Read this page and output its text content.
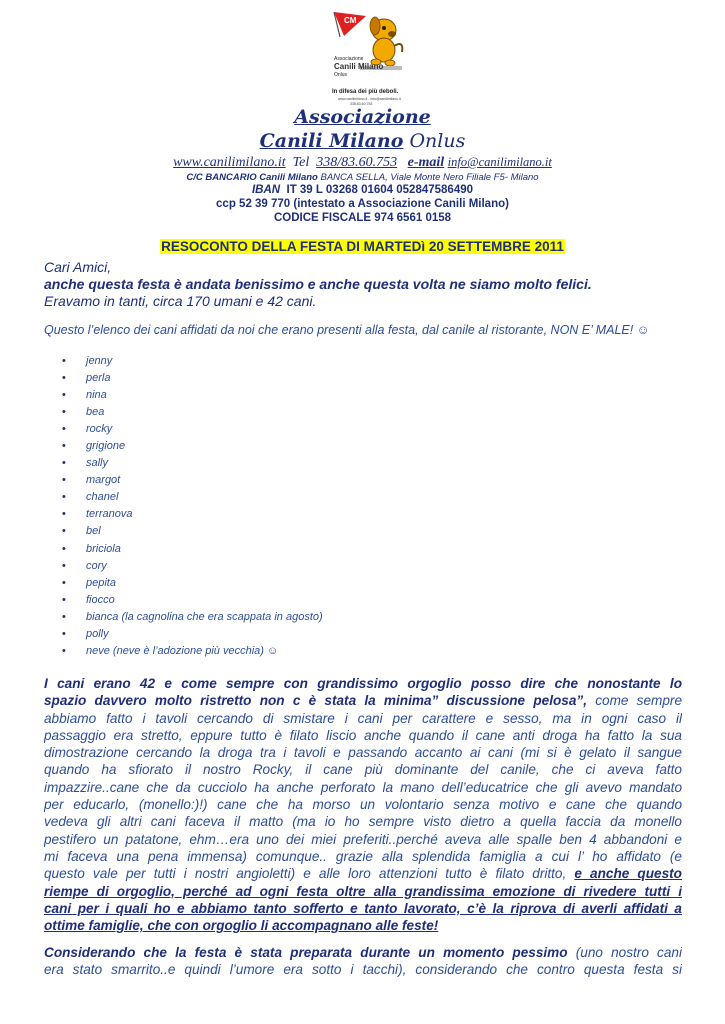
CM
Associazione
Canili Milano
Onlus
In difesa dei più deboli.
www.canilimilano.it - info@canilimilano.it
338.83.60.753
Associazione
Canili Milano Onlus
www.canilimilano.it Tel 338/83.60.753 e-mail info@canilimilano.it
C/C BANCARIO Canili Milano BANCA SELLA, Viale Monte Nero Filiale F5- Milano
IBAN IT 39 L 03268 01604 052847586490
ccp 52 39 770 (intestato a Associazione Canili Milano)
CODICE FISCALE 974 6561 0158
RESOCONTO DELLA FESTA DI MARTEDì 20 SETTEMBRE 2011
Cari Amici,
anche questa festa è andata benissimo e anche questa volta ne siamo molto felici.
Eravamo in tanti, circa 170 umani e 42 cani.
Questo l’elenco dei cani affidati da noi che erano presenti alla festa, dal canile al ristorante, NON E’ MALE! ☺
• jenny
• perla
• nina
• bea
• rocky
• grigione
• sally
• margot
• chanel
• terranova
• bel
• briciola
• cory
• pepita
• fiocco
• bianca (la cagnolina che era scappata in agosto)
• polly
• neve (neve è l’adozione più vecchia) ☺
I cani erano 42 e come sempre con grandissimo orgoglio posso dire che nonostante lo
spazio davvero molto ristretto non c è stata la minima” discussione pelosa”, come sempre
abbiamo fatto i tavoli cercando di smistare i cani per carattere e sesso, ma in ogni caso il
passaggio era stretto, eppure tutto è filato liscio anche quando il cane anti droga ha fatto la sua
dimostrazione cercando la droga tra i tavoli e passando accanto ai cani (mi si è gelato il sangue
quando ha sfiorato il nostro Rocky, il cane più dominante del canile, che ci aveva fatto
impazzire..cane che da cucciolo ha anche perforato la mano dell’educatrice che gli avevo mandato
per educarlo, (monello:)!) cane che ha morso un volontario senza motivo e cane che quando
vedeva gli altri cani faceva il matto (ma io ho sempre visto dietro a quella faccia da monello
pestifero un patatone, ehm…era uno dei miei preferiti..perché aveva alle spalle ben 4 abbandoni e
mi faceva una pena immensa) comunque.. grazie alla splendida famiglia a cui l’ ho affidato (e
questo vale per tutti i nostri angioletti) e alle loro attenzioni tutto è filato dritto, e anche questo
riempe di orgoglio, perché ad ogni festa oltre alla grandissima emozione di rivedere tutti i
cani per i quali ho e abbiamo tanto sofferto e tanto lavorato, c’è la riprova di averli affidati a
ottime famiglie, che con orgoglio li accompagnano alle feste!
Considerando che la festa è stata preparata durante un momento pessimo (uno nostro cani
era stato smarrito..e quindi l’umore era sotto i tacchi), considerando che contro questa festa si
